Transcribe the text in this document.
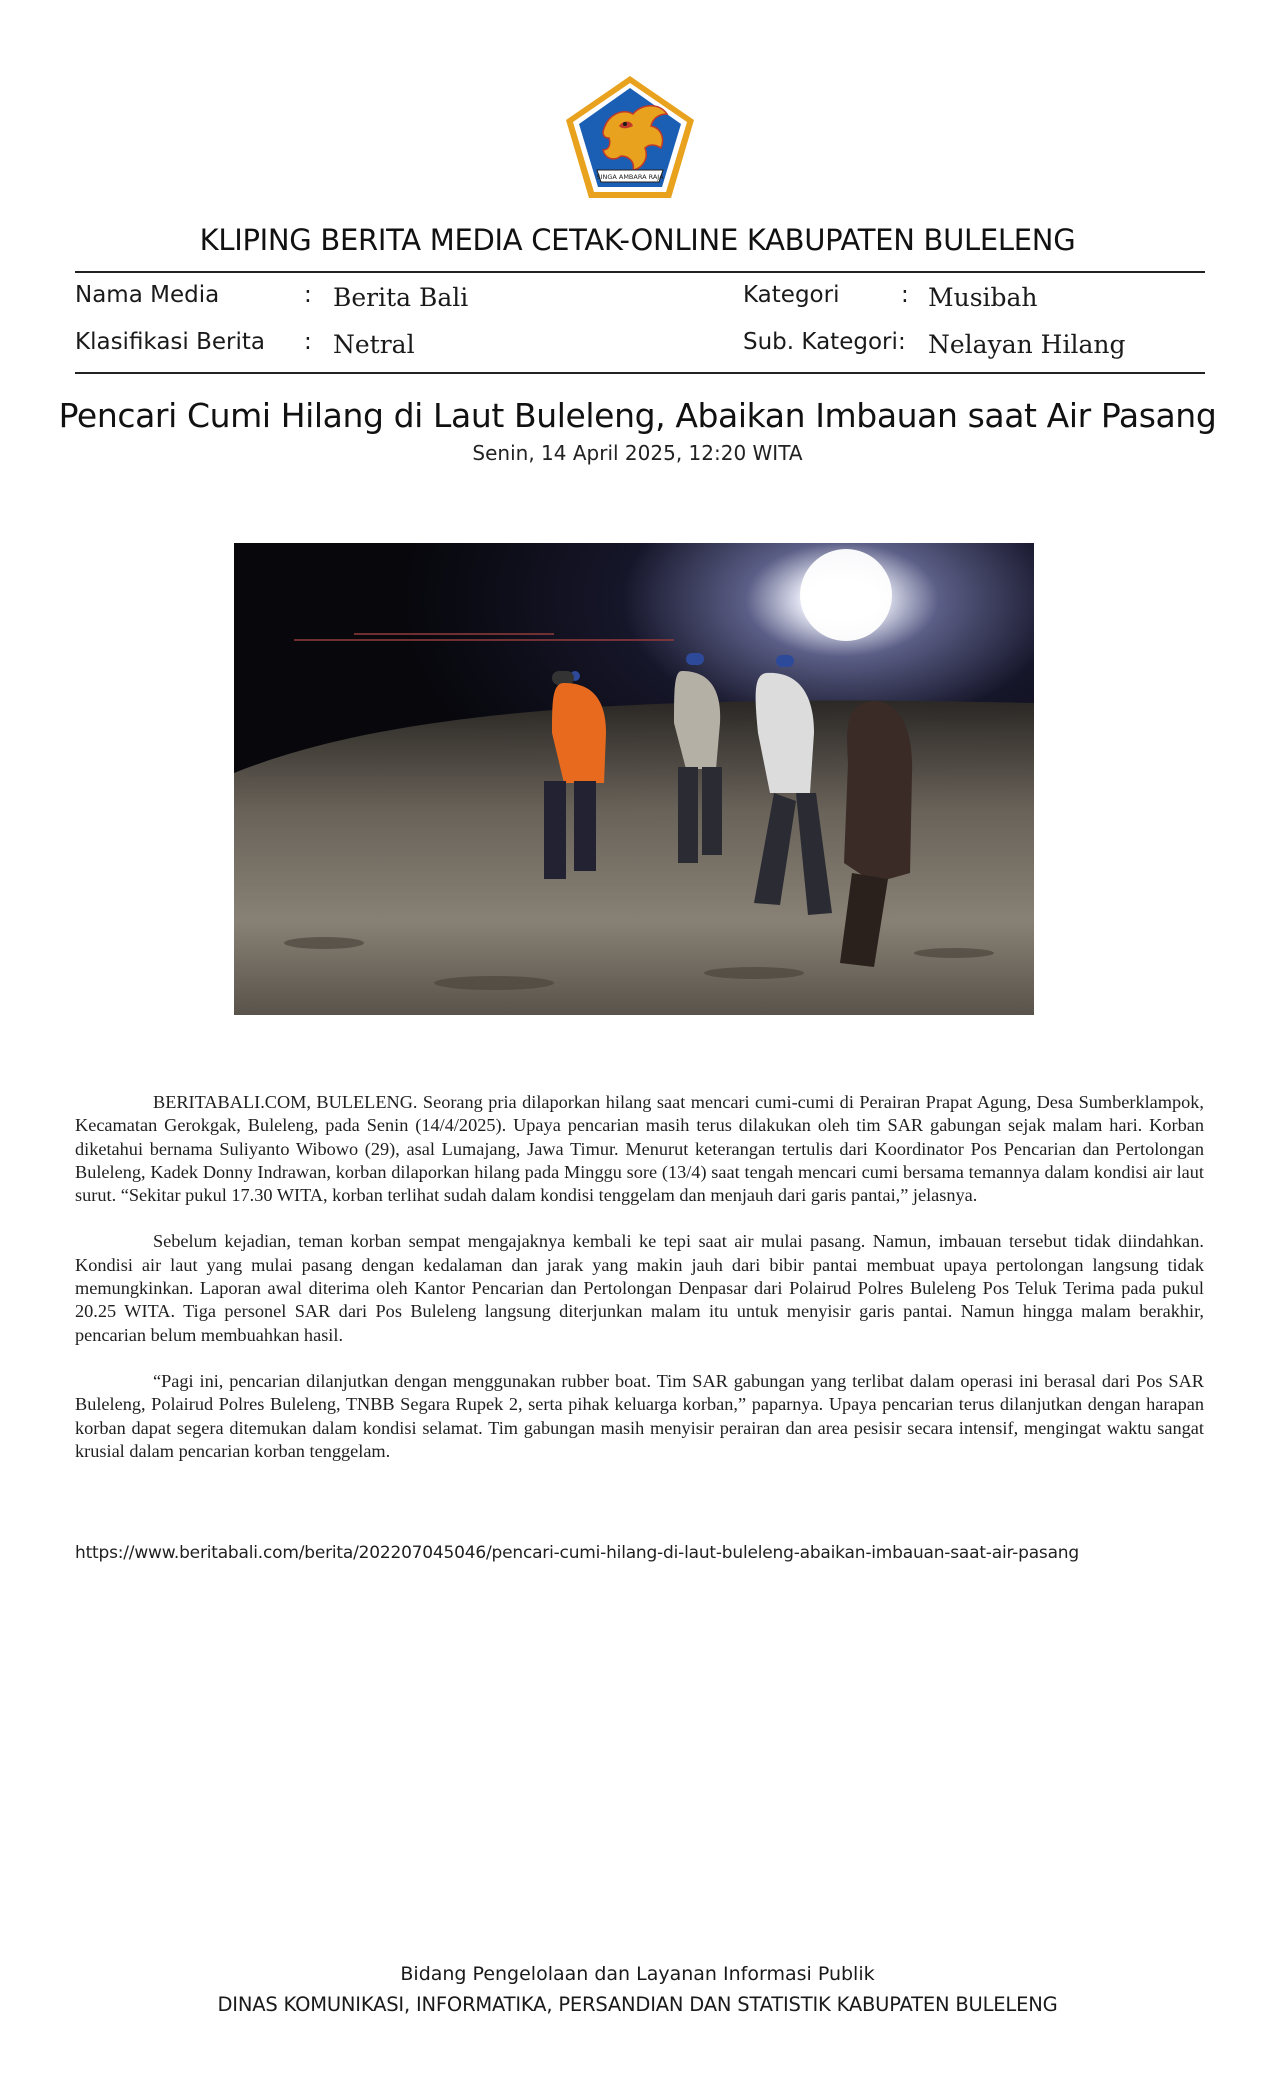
SINGA AMBARA RAJA
KLIPING BERITA MEDIA CETAK-ONLINE KABUPATEN BULELENG
Nama Media	: Berita Bali	Kategori	: Musibah
Klasifikasi Berita : Netral	Sub. Kategori : Nelayan Hilang
Pencari Cumi Hilang di Laut Buleleng, Abaikan Imbauan saat Air Pasang
Senin, 14 April 2025, 12:20 WITA

BERITABALI.COM, BULELENG. Seorang pria dilaporkan hilang saat mencari cumi-cumi di Perairan Prapat Agung, Desa Sumberklampok, Kecamatan Gerokgak, Buleleng, pada Senin (14/4/2025). Upaya pencarian masih terus dilakukan oleh tim SAR gabungan sejak malam hari. Korban diketahui bernama Suliyanto Wibowo (29), asal Lumajang, Jawa Timur. Menurut keterangan tertulis dari Koordinator Pos Pencarian dan Pertolongan Buleleng, Kadek Donny Indrawan, korban dilaporkan hilang pada Minggu sore (13/4) saat tengah mencari cumi bersama temannya dalam kondisi air laut surut. “Sekitar pukul 17.30 WITA, korban terlihat sudah dalam kondisi tenggelam dan menjauh dari garis pantai,” jelasnya.

Sebelum kejadian, teman korban sempat mengajaknya kembali ke tepi saat air mulai pasang. Namun, imbauan tersebut tidak diindahkan. Kondisi air laut yang mulai pasang dengan kedalaman dan jarak yang makin jauh dari bibir pantai membuat upaya pertolongan langsung tidak memungkinkan. Laporan awal diterima oleh Kantor Pencarian dan Pertolongan Denpasar dari Polairud Polres Buleleng Pos Teluk Terima pada pukul 20.25 WITA. Tiga personel SAR dari Pos Buleleng langsung diterjunkan malam itu untuk menyisir garis pantai. Namun hingga malam berakhir, pencarian belum membuahkan hasil.

“Pagi ini, pencarian dilanjutkan dengan menggunakan rubber boat. Tim SAR gabungan yang terlibat dalam operasi ini berasal dari Pos SAR Buleleng, Polairud Polres Buleleng, TNBB Segara Rupek 2, serta pihak keluarga korban,” paparnya. Upaya pencarian terus dilanjutkan dengan harapan korban dapat segera ditemukan dalam kondisi selamat. Tim gabungan masih menyisir perairan dan area pesisir secara intensif, mengingat waktu sangat krusial dalam pencarian korban tenggelam.

https://www.beritabali.com/berita/202207045046/pencari-cumi-hilang-di-laut-buleleng-abaikan-imbauan-saat-air-pasang
Bidang Pengelolaan dan Layanan Informasi Publik
DINAS KOMUNIKASI, INFORMATIKA, PERSANDIAN DAN STATISTIK KABUPATEN BULELENG
